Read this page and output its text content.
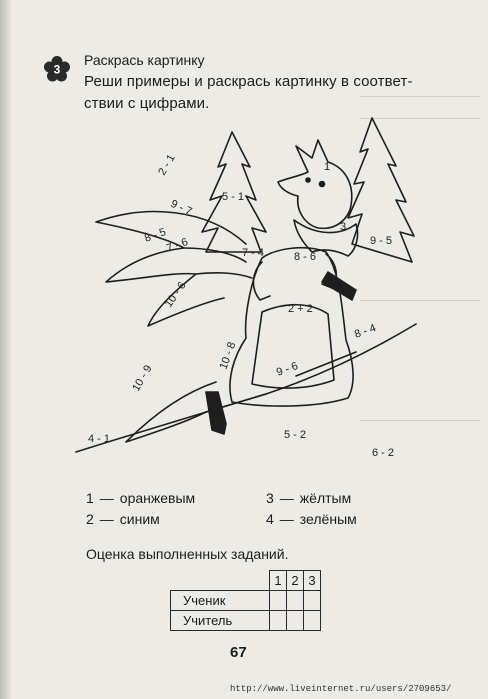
3
Раскрась картинку
Реши примеры и раскрась картинку в соответ-
ствии с цифрами.
2 - 1
9 - 7
5 - 1
8 - 5
7 - 6	7 - 4	8 - 6
1
3
9 - 5
10 - 6
10 - 8
2 + 2
8 - 4
10 - 9	9 - 6
4 - 1	5 - 2
6 - 2
1 — оранжевым
2 — синим
3 — жёлтым
4 — зелёным
Оценка выполненных заданий.
	1	2	3
Ученик			
Учитель			
67
http://www.liveinternet.ru/users/2709653/
